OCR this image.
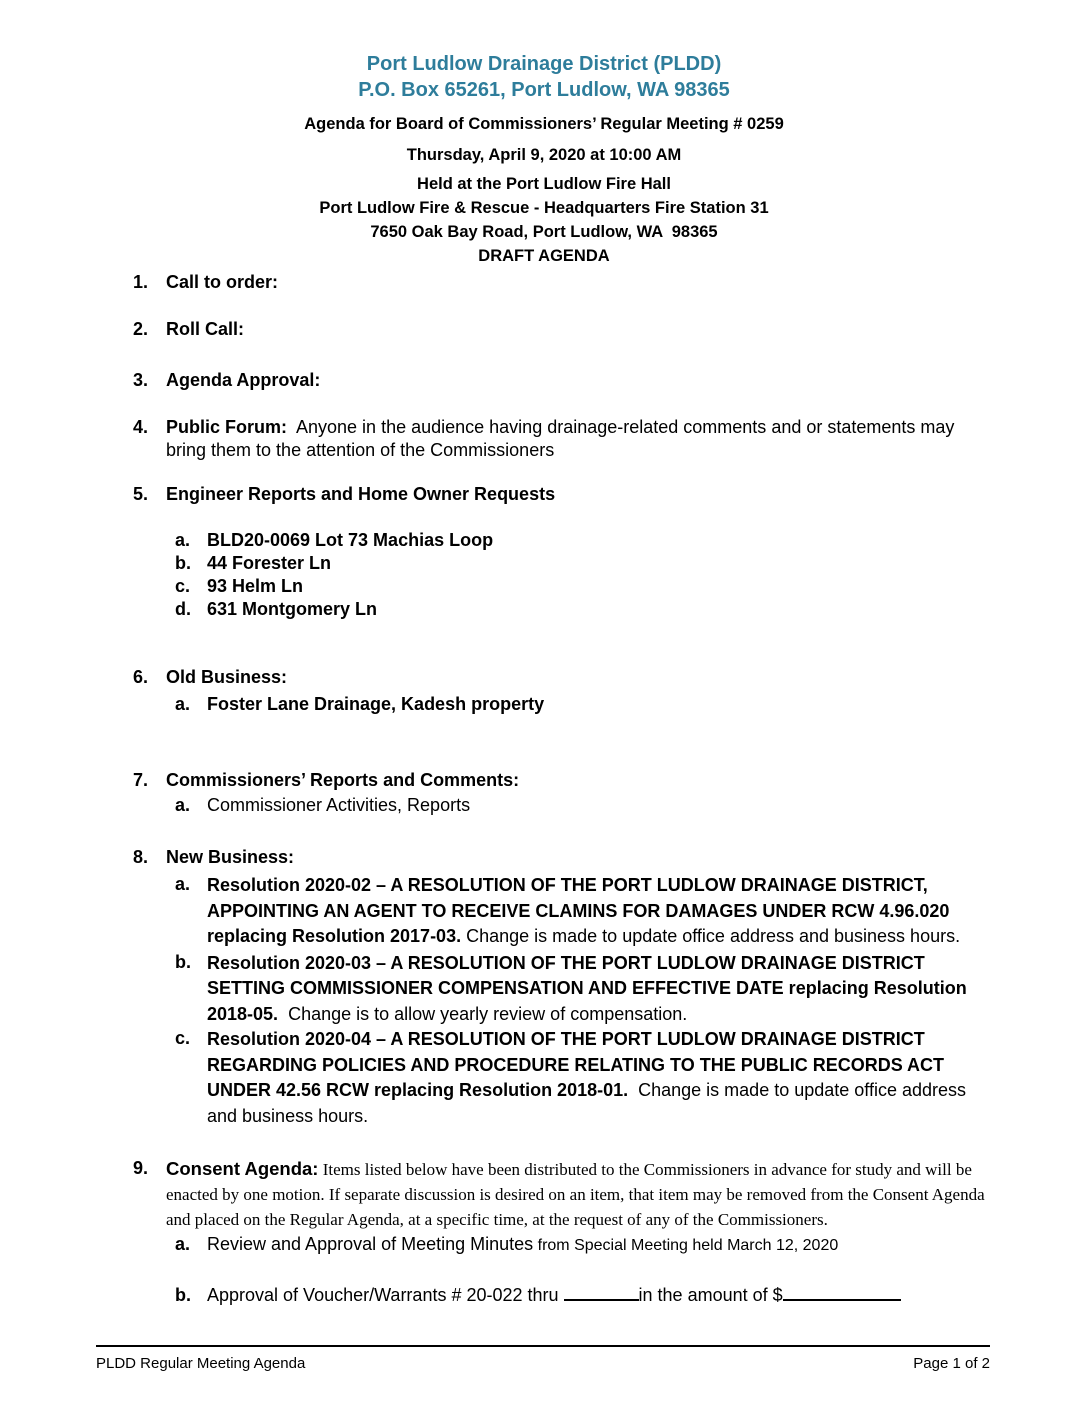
Port Ludlow Drainage District (PLDD)
P.O. Box 65261, Port Ludlow, WA 98365
Agenda for Board of Commissioners’ Regular Meeting # 0259
Thursday, April 9, 2020 at 10:00 AM
Held at the Port Ludlow Fire Hall
Port Ludlow Fire & Rescue - Headquarters Fire Station 31
7650 Oak Bay Road, Port Ludlow, WA  98365
DRAFT AGENDA
1. Call to order:
2. Roll Call:
3. Agenda Approval:
4. Public Forum:  Anyone in the audience having drainage-related comments and or statements may bring them to the attention of the Commissioners
5. Engineer Reports and Home Owner Requests
a. BLD20-0069 Lot 73 Machias Loop
b. 44 Forester Ln
c. 93 Helm Ln
d. 631 Montgomery Ln
6. Old Business:
a. Foster Lane Drainage, Kadesh property
7. Commissioners’ Reports and Comments:
a. Commissioner Activities, Reports
8. New Business:
a. Resolution 2020-02 – A RESOLUTION OF THE PORT LUDLOW DRAINAGE DISTRICT, APPOINTING AN AGENT TO RECEIVE CLAMINS FOR DAMAGES UNDER RCW 4.96.020 replacing Resolution 2017-03. Change is made to update office address and business hours.
b. Resolution 2020-03 – A RESOLUTION OF THE PORT LUDLOW DRAINAGE DISTRICT SETTING COMMISSIONER COMPENSATION AND EFFECTIVE DATE replacing Resolution 2018-05.  Change is to allow yearly review of compensation.
c. Resolution 2020-04 – A RESOLUTION OF THE PORT LUDLOW DRAINAGE DISTRICT REGARDING POLICIES AND PROCEDURE RELATING TO THE PUBLIC RECORDS ACT UNDER 42.56 RCW replacing Resolution 2018-01.  Change is made to update office address and business hours.
9. Consent Agenda: Items listed below have been distributed to the Commissioners in advance for study and will be enacted by one motion. If separate discussion is desired on an item, that item may be removed from the Consent Agenda and placed on the Regular Agenda, at a specific time, at the request of any of the Commissioners.
a. Review and Approval of Meeting Minutes from Special Meeting held March 12, 2020
b. Approval of Voucher/Warrants # 20-022 thru	in the amount of $
PLDD Regular Meeting Agenda	Page 1 of 2
